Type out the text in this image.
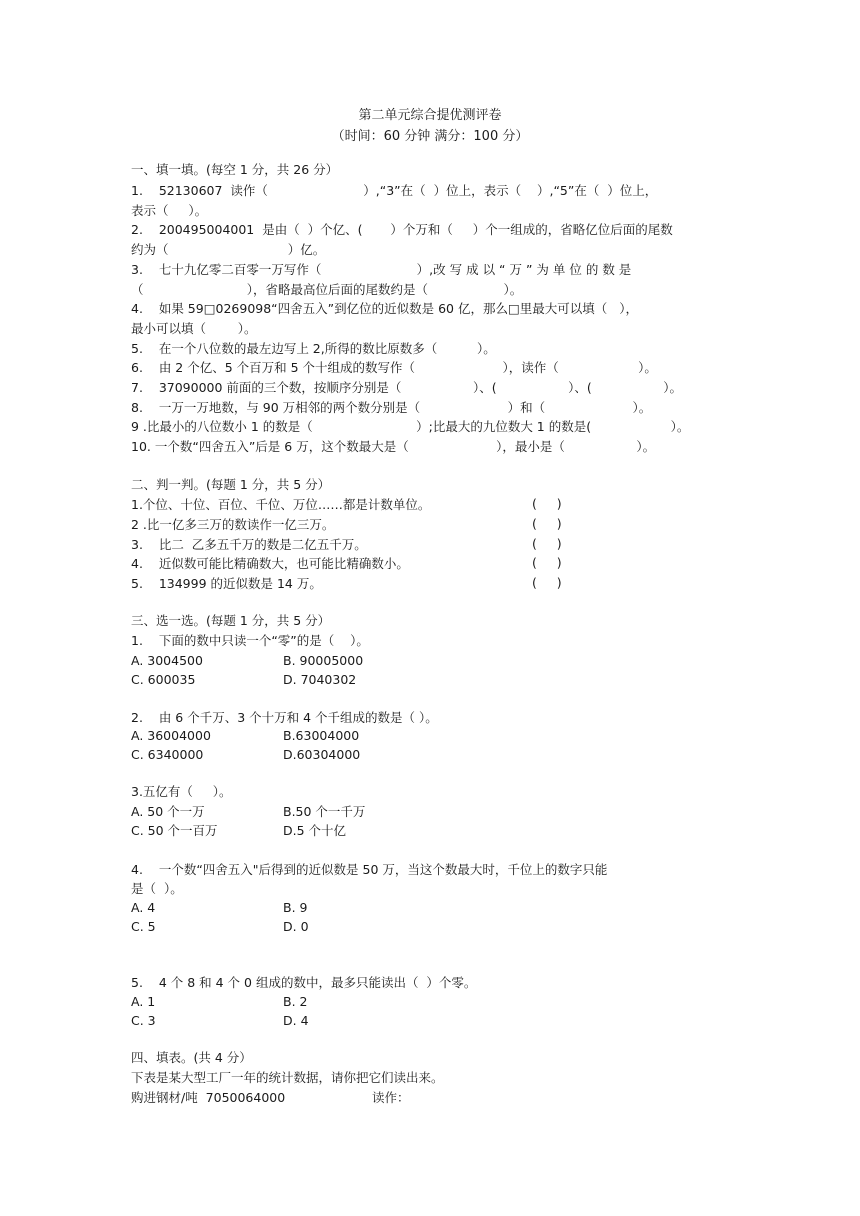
第二单元综合提优测评卷
（时间：60 分钟 满分：100 分）
一、填一填。(每空 1 分，共 26 分）
1.    52130607  读作（                        ）,“3”在（  ）位上，表示（    ）,“5”在（  ）位上，
表示（     ）。
2.    200495004001  是由（  ）个亿、(       ）个万和（     ）个一组成的，省略亿位后面的尾数
约为（                              ）亿。
3.    七十九亿零二百零一万写作（                        ）,改 写 成 以 “ 万 ” 为 单 位 的 数 是
（                          ），省略最高位后面的尾数约是（                   ）。
4.    如果 59□0269098“四舍五入”到亿位的近似数是 60 亿，那么□里最大可以填（   ），
最小可以填（        ）。
5.    在一个八位数的最左边写上 2,所得的数比原数多（          ）。
6.    由 2 个亿、5 个百万和 5 个十组成的数写作（                      ），读作（                    ）。
7.    37090000 前面的三个数，按顺序分别是（                  ）、(                  ）、(                  ）。
8.    一万一万地数，与 90 万相邻的两个数分别是（                      ）和（                      ）。
9 .比最小的八位数小 1 的数是（                          ）;比最大的九位数大 1 的数是(                    ）。
10. 一个数“四舍五入”后是 6 万，这个数最大是（                      ），最小是（                  ）。
二、判一判。(每题 1 分，共 5 分）
1.个位、十位、百位、千位、万位……都是计数单位。	(     )
2 .比一亿多三万的数读作一亿三万。	(     )
3.    比二  乙多五千万的数是二亿五千万。	(     )
4.    近似数可能比精确数大，也可能比精确数小。	(     )
5.    134999 的近似数是 14 万。	(     )
三、选一选。(每题 1 分，共 5 分）
1.    下面的数中只读一个“零”的是（    ）。
A. 3004500	B. 90005000
C. 600035	D. 7040302
2.    由 6 个千万、3 个十万和 4 个千组成的数是（ ）。
A. 36004000	B.63004000
C. 6340000	D.60304000
3.五亿有（     ）。
A. 50 个一万	B.50 个一千万
C. 50 个一百万	D.5 个十亿
4.    一个数“四舍五入"后得到的近似数是 50 万，当这个数最大时，千位上的数字只能
是（  ）。
A. 4	B. 9
C. 5	D. 0
5.    4 个 8 和 4 个 0 组成的数中，最多只能读出（  ）个零。
A. 1	B. 2
C. 3	D. 4
四、填表。(共 4 分）
下表是某大型工厂一年的统计数据，请你把它们读出来。
购进钢材/吨  7050064000	读作：
